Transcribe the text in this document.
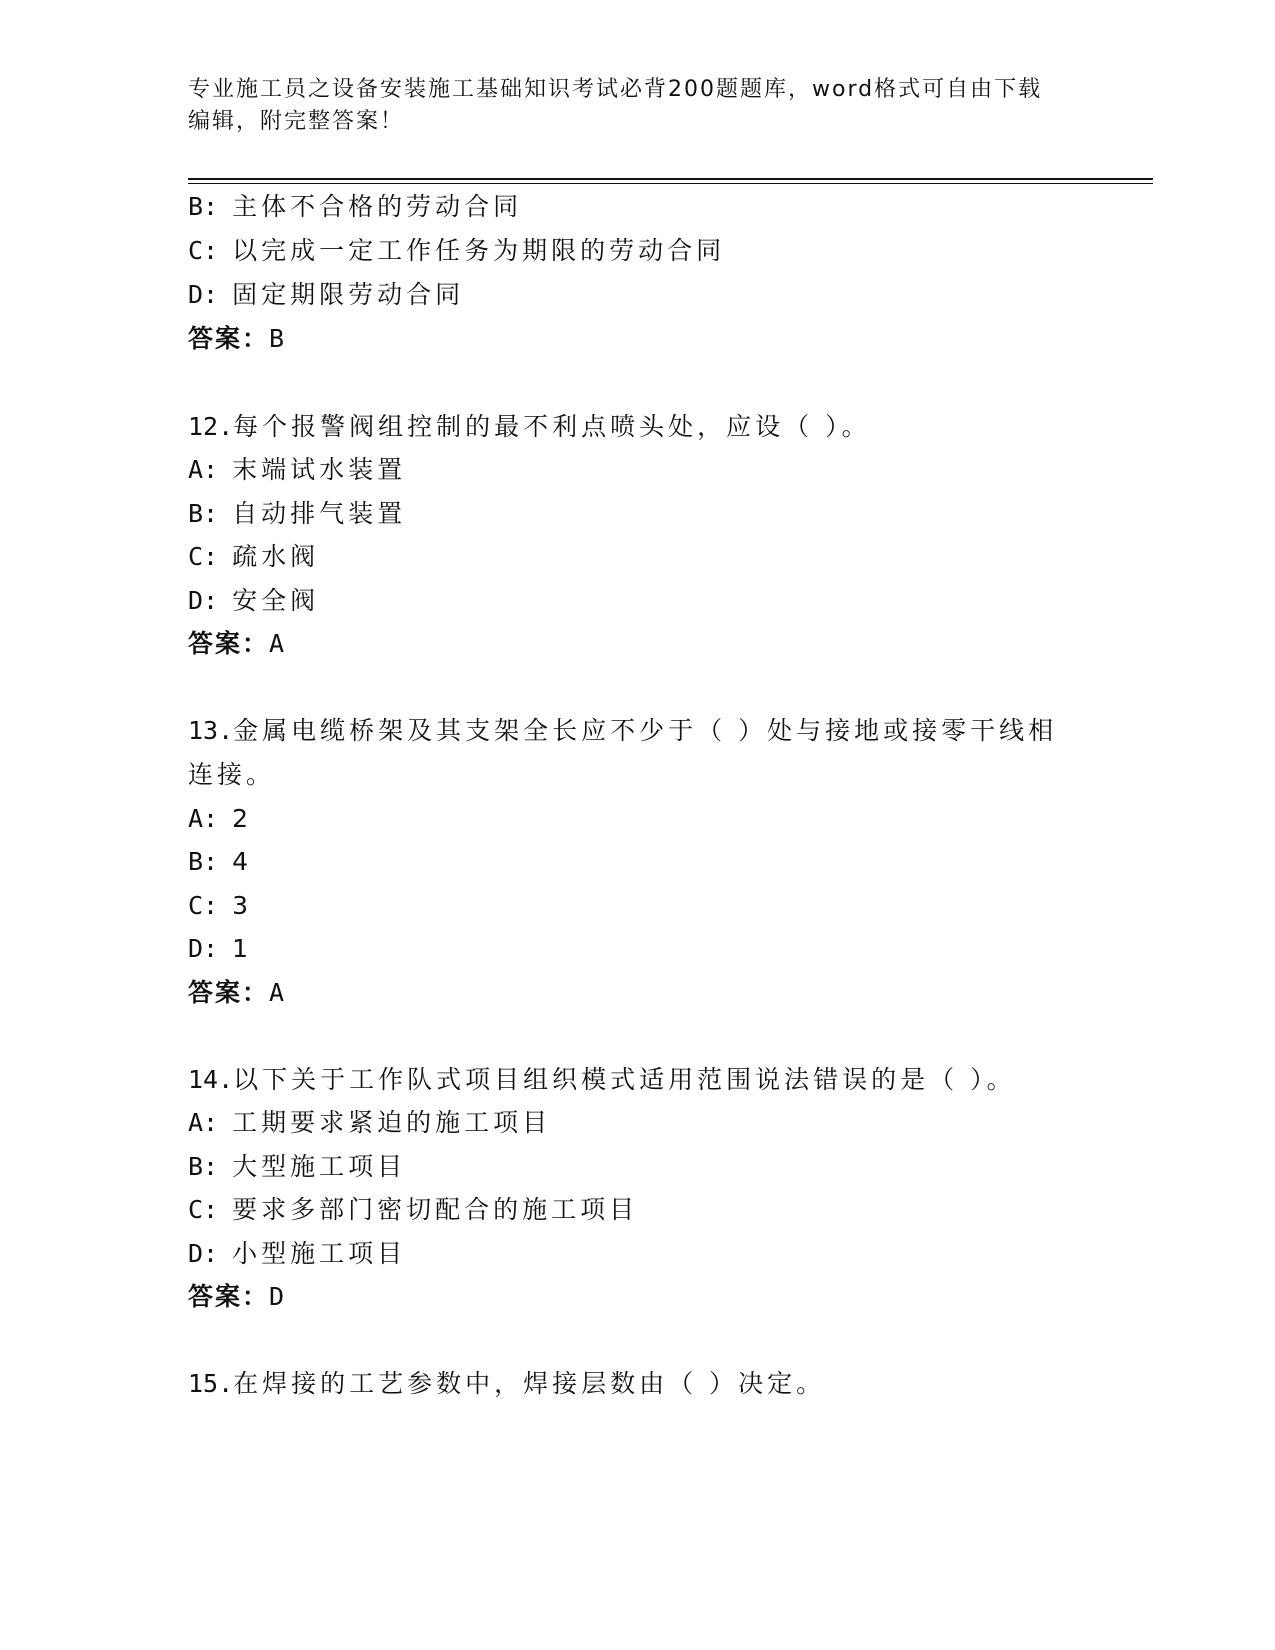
专业施工员之设备安装施工基础知识考试必背200题题库，word格式可自由下载
编辑，附完整答案！
B: 主体不合格的劳动合同
C: 以完成一定工作任务为期限的劳动合同
D: 固定期限劳动合同
答案：B
12.每个报警阀组控制的最不利点喷头处，应设（ ）。
A: 末端试水装置
B: 自动排气装置
C: 疏水阀
D: 安全阀
答案：A
13.金属电缆桥架及其支架全长应不少于（ ）处与接地或接零干线相
连接。
A: 2
B: 4
C: 3
D: 1
答案：A
14.以下关于工作队式项目组织模式适用范围说法错误的是（ ）。
A: 工期要求紧迫的施工项目
B: 大型施工项目
C: 要求多部门密切配合的施工项目
D: 小型施工项目
答案：D
15.在焊接的工艺参数中，焊接层数由（ ）决定。
